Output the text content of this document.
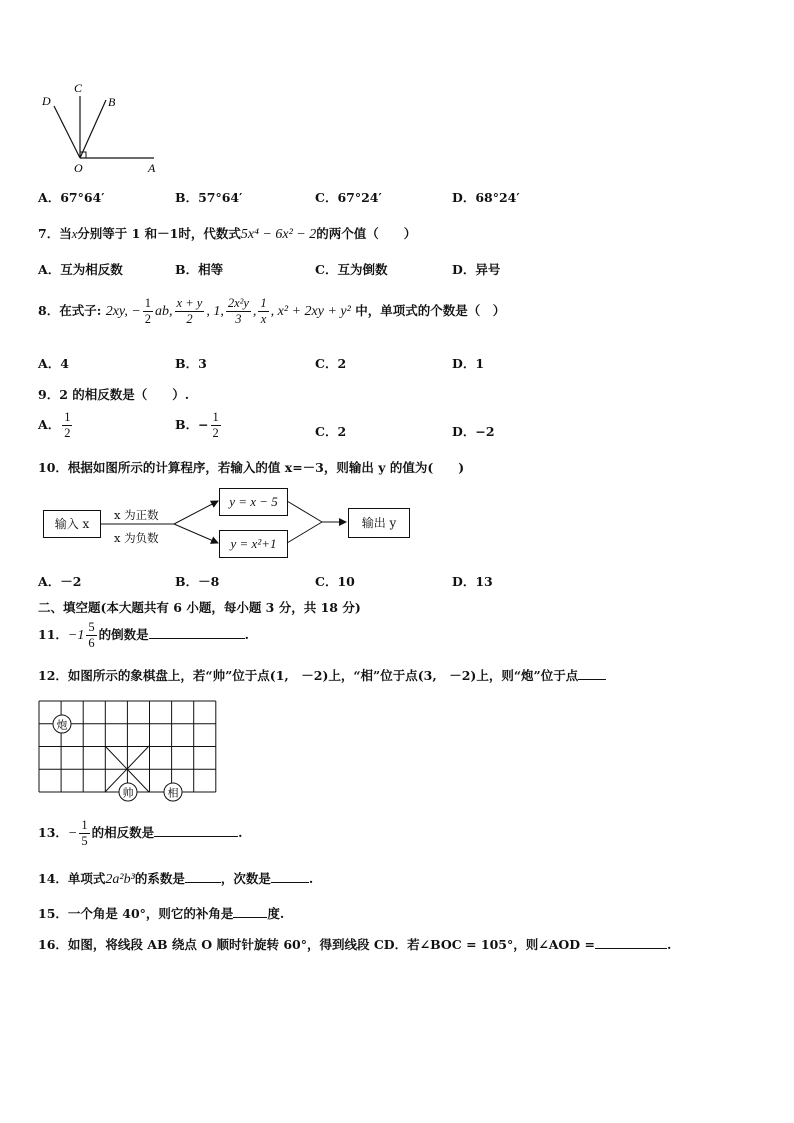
D
C
B
O	A
A．67°64′	B．57°64′	C．67°24′	D．68°24′
7．当x分别等于 1 和－1时，代数式5x⁴ − 6x² − 2的两个值（　　）
A．互为相反数	B．相等	C．互为倒数	D．异号
8．在式子: 2xy, − $\frac{1}{2}$ ab, $\frac{x + y}{2}$ , 1, $\frac{\text{2x²y}}{3}$ , $\frac{1}{x}$ , x² + 2xy + y² 中，单项式的个数是（　）
A．4	B．3	C．2	D．1
9．2 的相反数是（　　）.
A． $\frac{1}{2}$	B．− $\frac{1}{2}$	C．2	D．−2
10．根据如图所示的计算程序，若输入的值 x=－3，则输出 y 的值为(　　)
输入 x
y = x − 5
y = x²+1
输出 y
x 为正数
x 为负数
A．－2	B．－8	C．10	D．13
二、填空题(本大题共有 6 小题，每小题 3 分，共 18 分)
11．$-1 \frac{5}{6}$ 的倒数是	.
12．如图所示的象棋盘上，若“帅”位于点(1,　－2)上，“相”位于点(3,　－2)上，则“炮”位于点
炮
帅	相
13．− $\frac{1}{5}$ 的相反数是	.
14．单项式2a²b³的系数是	，次数是	.
15．一个角是 40°，则它的补角是	度.
16．如图，将线段 AB 绕点 O 顺时针旋转 60°，得到线段 CD．若∠BOC = 105°，则∠AOD =	.
